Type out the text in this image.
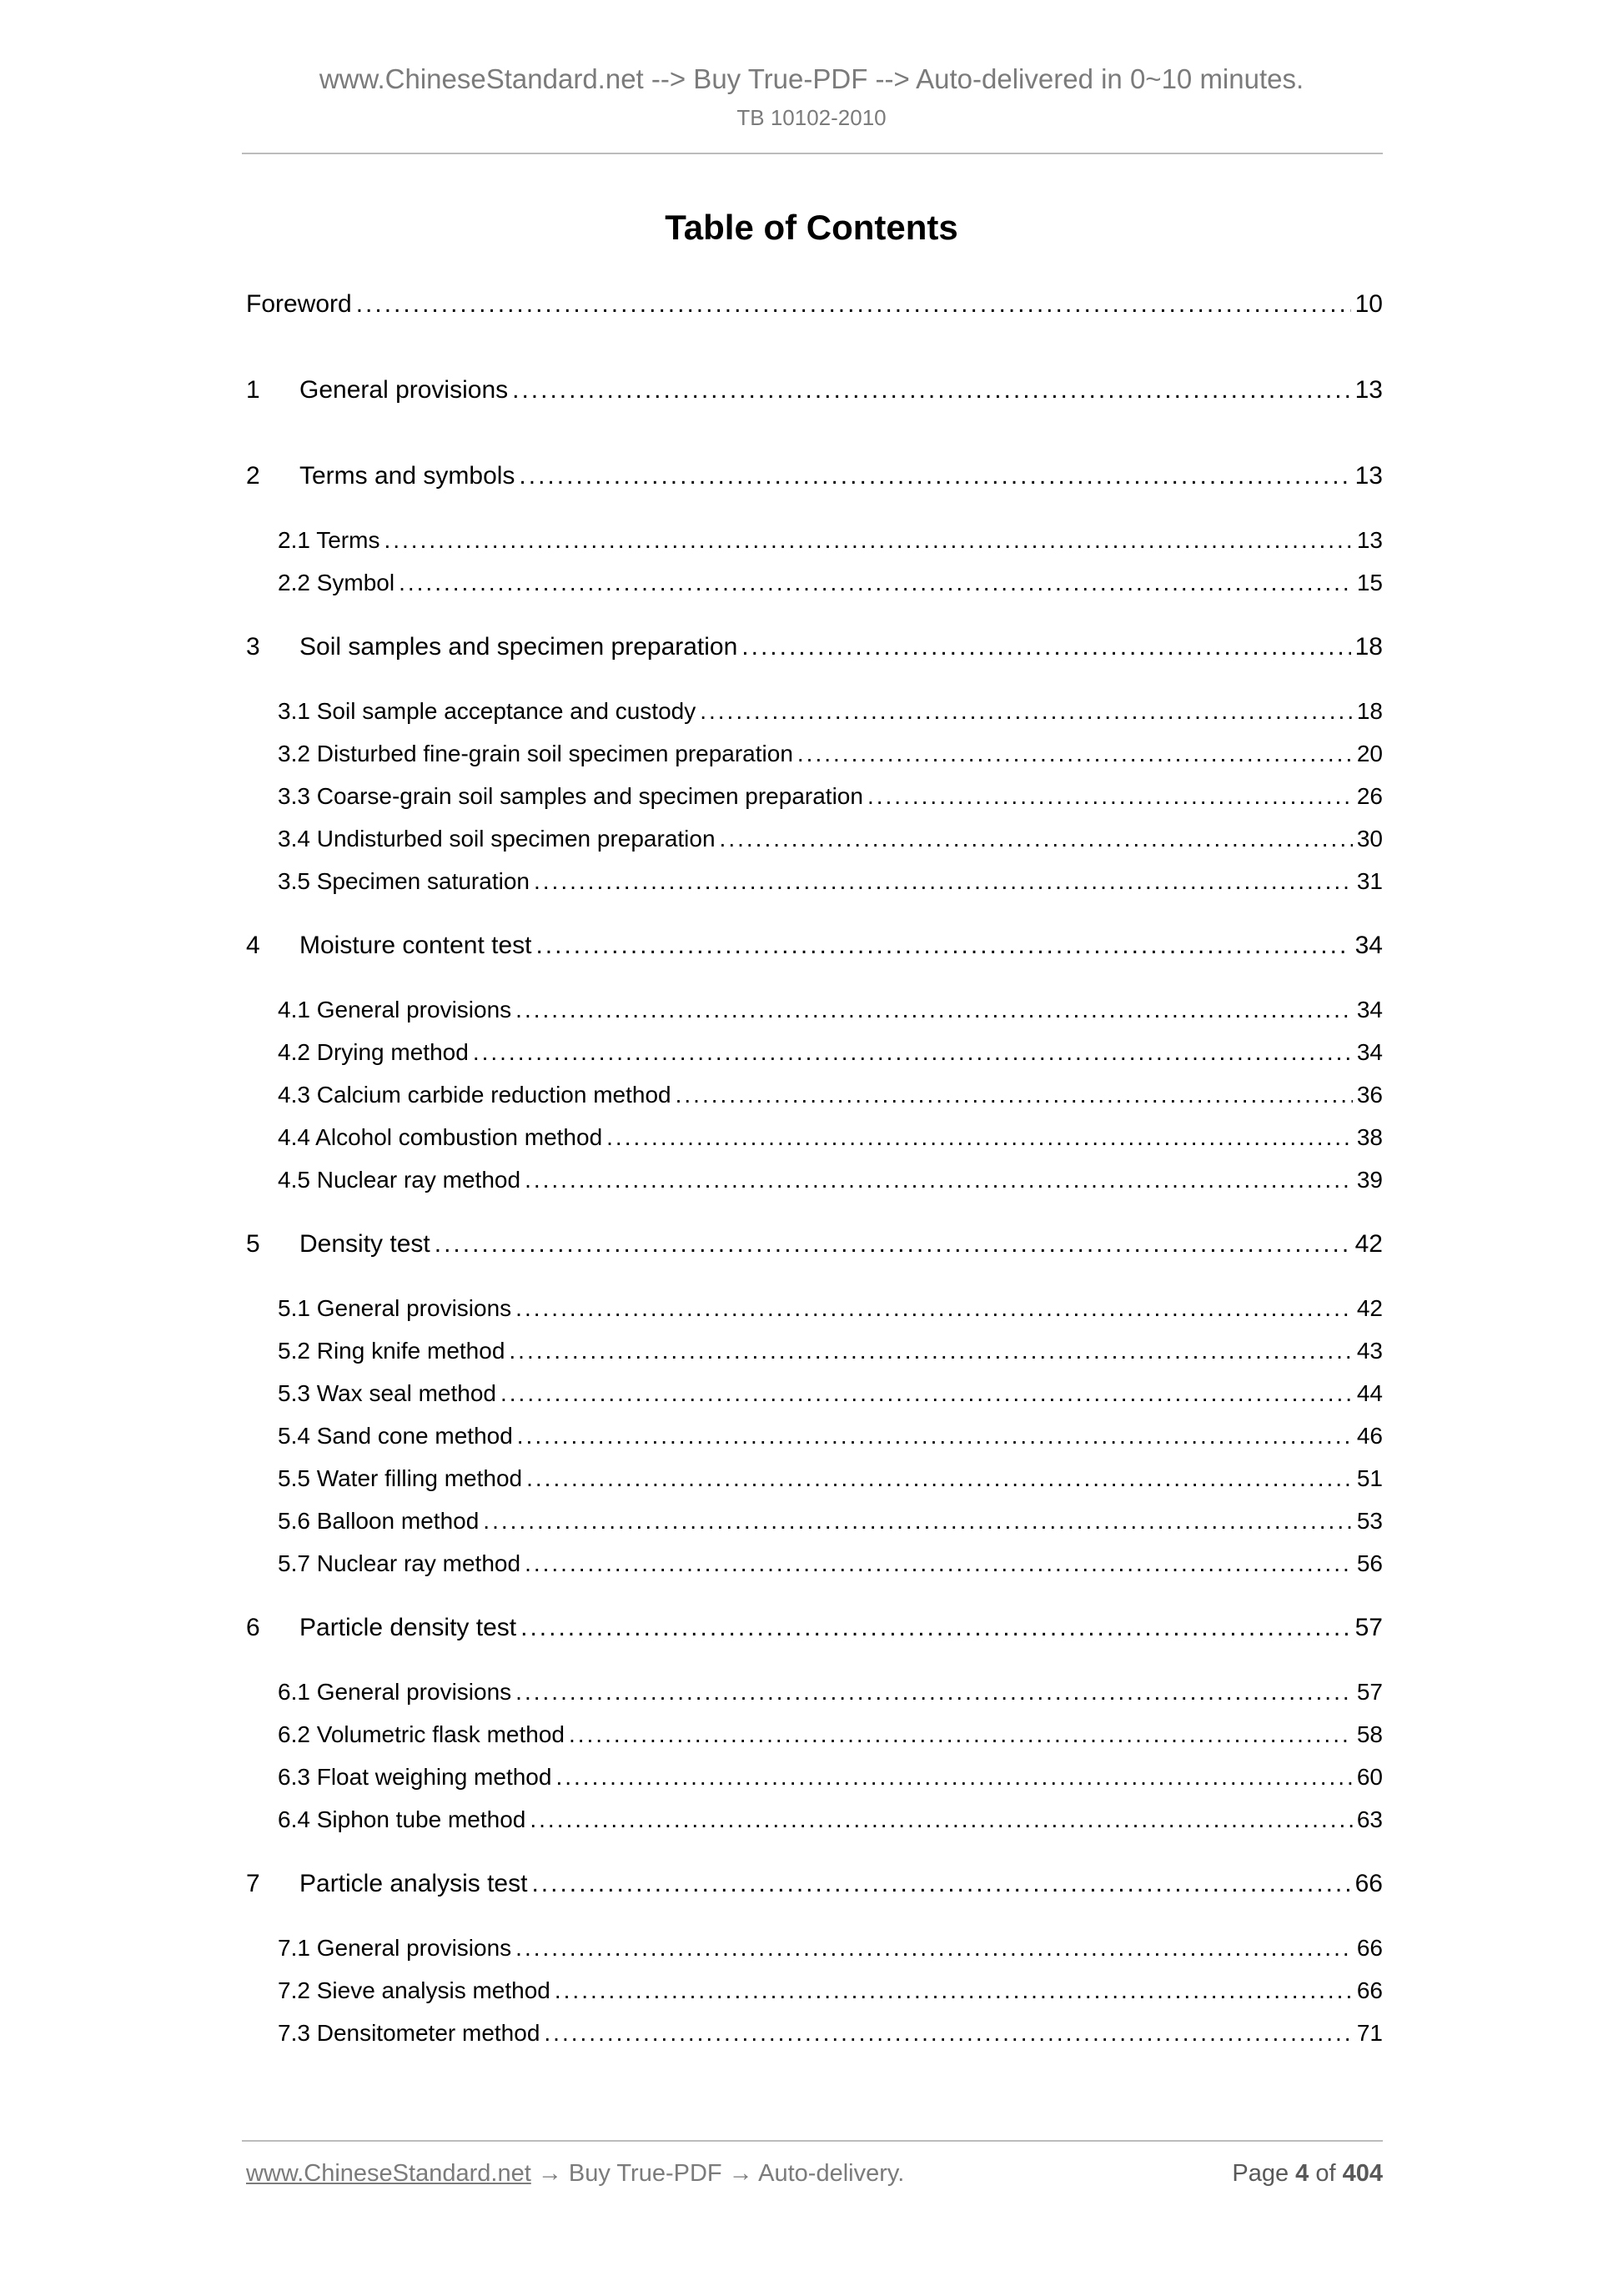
www.ChineseStandard.net --> Buy True-PDF --> Auto-delivered in 0~10 minutes.
TB 10102-2010
Table of Contents
Foreword .....	10
1 General provisions .....	13
2 Terms and symbols .....	13
2.1 Terms .....	13
2.2 Symbol .....	15
3 Soil samples and specimen preparation .....	18
3.1 Soil sample acceptance and custody .....	18
3.2 Disturbed fine-grain soil specimen preparation .....	20
3.3 Coarse-grain soil samples and specimen preparation .....	26
3.4 Undisturbed soil specimen preparation .....	30
3.5 Specimen saturation .....	31
4 Moisture content test .....	34
4.1 General provisions .....	34
4.2 Drying method .....	34
4.3 Calcium carbide reduction method .....	36
4.4 Alcohol combustion method .....	38
4.5 Nuclear ray method .....	39
5 Density test .....	42
5.1 General provisions .....	42
5.2 Ring knife method .....	43
5.3 Wax seal method .....	44
5.4 Sand cone method .....	46
5.5 Water filling method .....	51
5.6 Balloon method .....	53
5.7 Nuclear ray method .....	56
6 Particle density test .....	57
6.1 General provisions .....	57
6.2 Volumetric flask method .....	58
6.3 Float weighing method .....	60
6.4 Siphon tube method .....	63
7 Particle analysis test .....	66
7.1 General provisions .....	66
7.2 Sieve analysis method .....	66
7.3 Densitometer method .....	71
www.ChineseStandard.net → Buy True-PDF → Auto-delivery.	Page 4 of 404
